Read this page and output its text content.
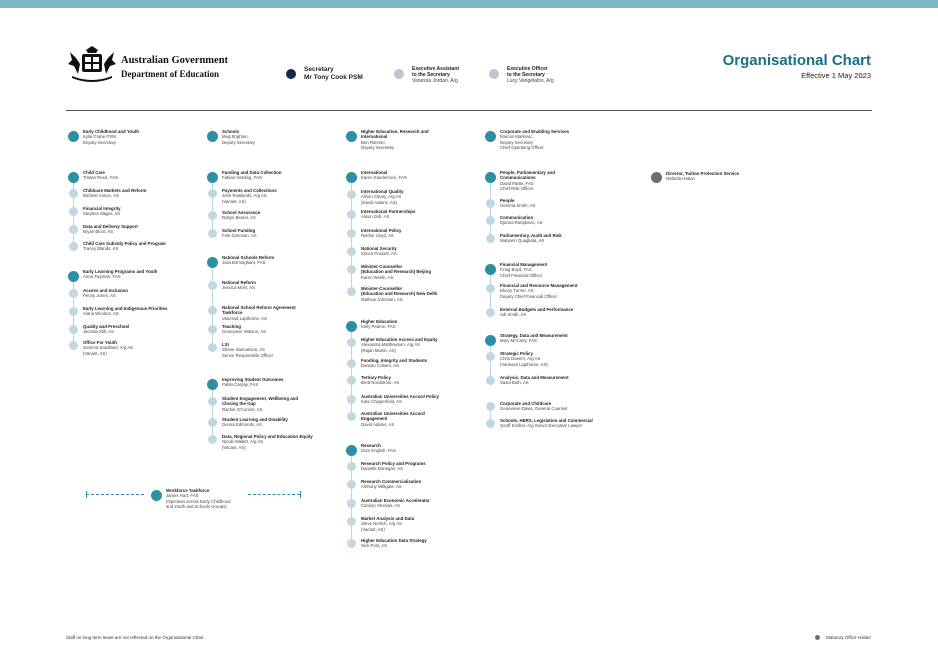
Australian Government
Department of Education	Secretary
Mr Tony Cook PSM
Executive Assistant
to the Secretary
Vanessa Jordan, A/g
Executive Officer
to the Secretary
Lucy Vangelatos, A/g
Organisational Chart
Effective 1 May 2023
Early Childhood and Youth
Kylie Crane PSM,
Deputy Secretary
Child Care
Tristan Reed, FAS
Childcare Markets and Reform
Michele Anson, AS
Financial Integrity
Stephen Mager, AS
Data and Delivery Support
Bryan Bloor, AS
Child Care Subsidy Policy and Program
Tracey Blands, AS
Early Learning Programs and Youth
Anna Twyman, FAS
Access and Inclusion
Penny Jones, AS
Early Learning and Indigenous Priorities
Alana Windsor, AS
Quality and Preschool
Jacinda Still, AS
Office For Youth
Gemma Sandland, A/g AS
(Vacant, AS)
Schools
Meg Brighton,
Deputy Secretary
Funding and Data Collection
Fabian Harding, FAS
Payments and Collections
John Rowlands, A/g AS
(Vacant, AS)
School Assurance
Robyn Beutel, AS
School Funding
Fele Donovan, AS
National Schools Reform
Julia Birmingham, FAS
National Reform
Jessica Mohr, AS
National School Reform Agreement
Taskforce
Vanessa Lapthorne, AS
Teaching
Genevieve Watson, AS
LSI
Shane Samuelson, AS
Senior Responsible Officer
Improving Student Outcomes
Pablo Carpay, FAS
Student Engagement, Wellbeing and
Closing the Gap
Rachel O'Connor, AS
Student Learning and Disability
Donna Edmonds, AS
Data, Regional Policy and Education Equity
Nicole Mallett, A/g AS
(Vacant, AS)
Higher Education, Research and
International
Ben Rimmer,
Deputy Secretary
International
Karen Sandercock, FAS
International Quality
Alison Cleary, A/g AS
(David Adams, AS)
International Partnerships
Alison Doll, AS
International Policy
Rachel Lloyd, AS
National Security
Simon Pockett, AS
Minister-Counsellor
(Education and Research) Beijing
Karen Welsh, AS
Minister-Counsellor
(Education and Research) New Delhi
Mathew Johnston, AS
Higher Education
Kelly Pearce, FAS
Higher Education Access and Equity
Alexandra Matthewson, A/g AS
(Rajan Martin, AS)
Funding, Integrity and Students
Damian Coburn, AS
Tertiary Policy
Brett Nordstrom, AS
Australian Universities Accord Policy
Kate Chipperfield, AS
Australian Universities Accord
Engagement
David Adams, AS
Research
Dom English, FAS
Research Policy and Programs
Daniella Donegan, AS
Research Commercialisation
Anthony Milligate, AS
Australian Economic Accelerator
Carolyn Shelvas, AS
Market Analysis and Data
Steve Nerlich, A/g AS
(Vacant, AS)
Higher Education Data Strategy
Nick Post, AS
Corporate and Enabling Services
Marcus Markovic,
Deputy Secretary
Chief Operating Officer
People, Parliamentary and
Communications
David Pattie, FAS
Chief Risk Officer
People
Gemma Smith, AS
Communication
Djanna Rutajkovic, AS
Parliamentary, Audit and Risk
Maryann Quagliata, AS
Financial Management
Craig Boyd, FAS
Chief Financial Officer
Financial and Resource Management
Ebony Turner, AS
Deputy Chief Financial Officer
External Budgets and Performance
Adi Smith, AS
Strategy, Data and Measurement
Mary McCarty, FAS
Strategic Policy
Chris Davern, A/g AS
(Vanessa Lapthorne, AS)
Analysis, Data and Measurement
Sasia Buth, AS
Corporate and Childcare
Genevieve Davis, General Counsel
Schools, HERS, Legislation and Commercial
Geoff Kimber, A/g Senior Executive Lawyer
Director, Tuition Protection Service
Melinda Hatton
Workforce Taskforce
James Hart, FAS
(Operates across Early Childhood
and Youth and Schools Groups)
Staff on long term leave are not reflected on the Organisational Chart	Statutory Office Holder
